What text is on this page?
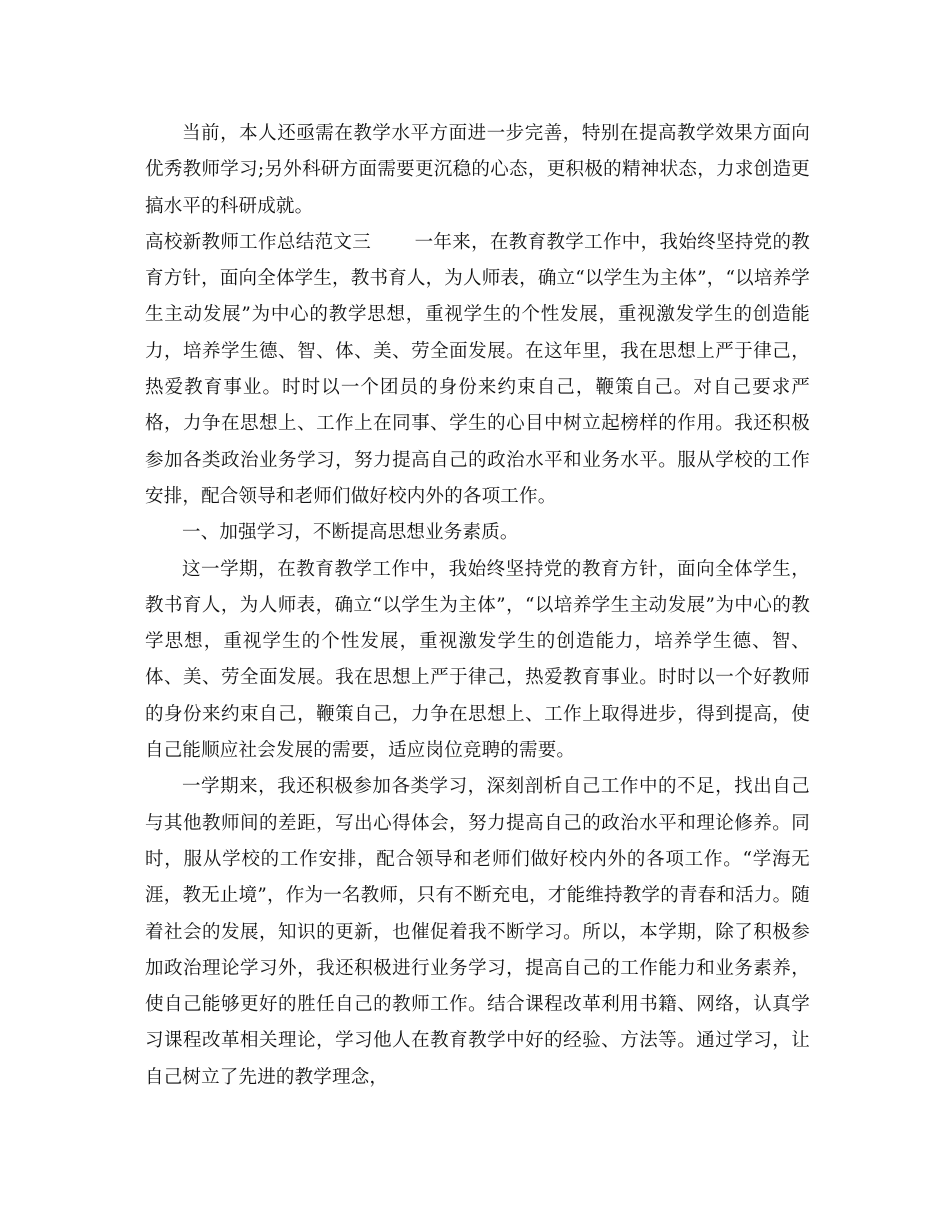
当前，本人还亟需在教学水平方面进一步完善，特别在提高教学效果方面向优秀教师学习;另外科研方面需要更沉稳的心态，更积极的精神状态，力求创造更搞水平的科研成就。

高校新教师工作总结范文三 一年来，在教育教学工作中，我始终坚持党的教育方针，面向全体学生，教书育人，为人师表，确立“以学生为主体”，“以培养学生主动发展”为中心的教学思想，重视学生的个性发展，重视激发学生的创造能力，培养学生德、智、体、美、劳全面发展。在这年里，我在思想上严于律己，热爱教育事业。时时以一个团员的身份来约束自己，鞭策自己。对自己要求严格，力争在思想上、工作上在同事、学生的心目中树立起榜样的作用。我还积极参加各类政治业务学习，努力提高自己的政治水平和业务水平。服从学校的工作安排，配合领导和老师们做好校内外的各项工作。

一、加强学习，不断提高思想业务素质。

这一学期，在教育教学工作中，我始终坚持党的教育方针，面向全体学生，教书育人，为人师表，确立“以学生为主体”，“以培养学生主动发展”为中心的教学思想，重视学生的个性发展，重视激发学生的创造能力，培养学生德、智、体、美、劳全面发展。我在思想上严于律己，热爱教育事业。时时以一个好教师的身份来约束自己，鞭策自己，力争在思想上、工作上取得进步，得到提高，使自己能顺应社会发展的需要，适应岗位竞聘的需要。

一学期来，我还积极参加各类学习，深刻剖析自己工作中的不足，找出自己与其他教师间的差距，写出心得体会，努力提高自己的政治水平和理论修养。同时，服从学校的工作安排，配合领导和老师们做好校内外的各项工作。“学海无涯，教无止境”，作为一名教师，只有不断充电，才能维持教学的青春和活力。随着社会的发展，知识的更新，也催促着我不断学习。所以，本学期，除了积极参加政治理论学习外，我还积极进行业务学习，提高自己的工作能力和业务素养，使自己能够更好的胜任自己的教师工作。结合课程改革利用书籍、网络，认真学习课程改革相关理论，学习他人在教育教学中好的经验、方法等。通过学习，让自己树立了先进的教学理念，
